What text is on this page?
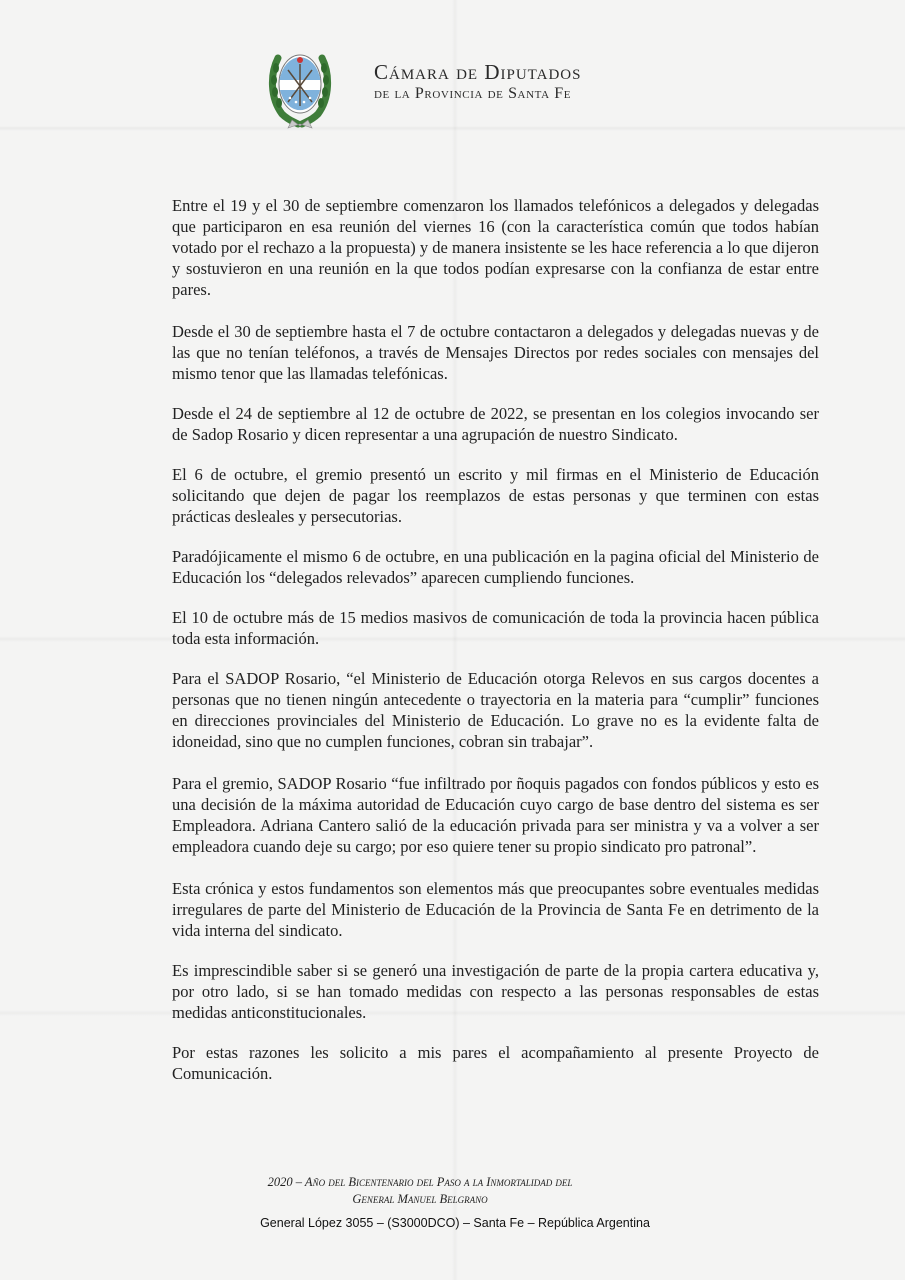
Cámara de Diputados
de la Provincia de Santa Fe

Entre el 19 y el 30 de septiembre comenzaron los llamados telefónicos a delegados y delegadas que participaron en esa reunión del viernes 16 (con la característica común que todos habían votado por el rechazo a la propuesta) y de manera insistente se les hace referencia a lo que dijeron y sostuvieron en una reunión en la que todos podían expresarse con la confianza de estar entre pares.

Desde el 30 de septiembre hasta el 7 de octubre contactaron a delegados y delegadas nuevas y de las que no tenían teléfonos, a través de Mensajes Directos por redes sociales con mensajes del mismo tenor que las llamadas telefónicas.

Desde el 24 de septiembre al 12 de octubre de 2022, se presentan en los colegios invocando ser de Sadop Rosario y dicen representar a una agrupación de nuestro Sindicato.

El 6 de octubre, el gremio presentó un escrito y mil firmas en el Ministerio de Educación solicitando que dejen de pagar los reemplazos de estas personas y que terminen con estas prácticas desleales y persecutorias.

Paradójicamente el mismo 6 de octubre, en una publicación en la pagina oficial del Ministerio de Educación los “delegados relevados” aparecen cumpliendo funciones.

El 10 de octubre más de 15 medios masivos de comunicación de toda la provincia hacen pública toda esta información.

Para el SADOP Rosario, “el Ministerio de Educación otorga Relevos en sus cargos docentes a personas que no tienen ningún antecedente o trayectoria en la materia para “cumplir” funciones en direcciones provinciales del Ministerio de Educación. Lo grave no es la evidente falta de idoneidad, sino que no cumplen funciones, cobran sin trabajar”.

Para el gremio, SADOP Rosario “fue infiltrado por ñoquis pagados con fondos públicos y esto es una decisión de la máxima autoridad de Educación cuyo cargo de base dentro del sistema es ser Empleadora. Adriana Cantero salió de la educación privada para ser ministra y va a volver a ser empleadora cuando deje su cargo; por eso quiere tener su propio sindicato pro patronal”.

Esta crónica y estos fundamentos son elementos más que preocupantes sobre eventuales medidas irregulares de parte del Ministerio de Educación de la Provincia de Santa Fe en detrimento de la vida interna del sindicato.

Es imprescindible saber si se generó una investigación de parte de la propia cartera educativa y, por otro lado, si se han tomado medidas con respecto a las personas responsables de estas medidas anticonstitucionales.

Por estas razones les solicito a mis pares el acompañamiento al presente Proyecto de Comunicación.

2020 – Año del Bicentenario del Paso a la Inmortalidad del
General Manuel Belgrano
General López 3055 – (S3000DCO) – Santa Fe – República Argentina
